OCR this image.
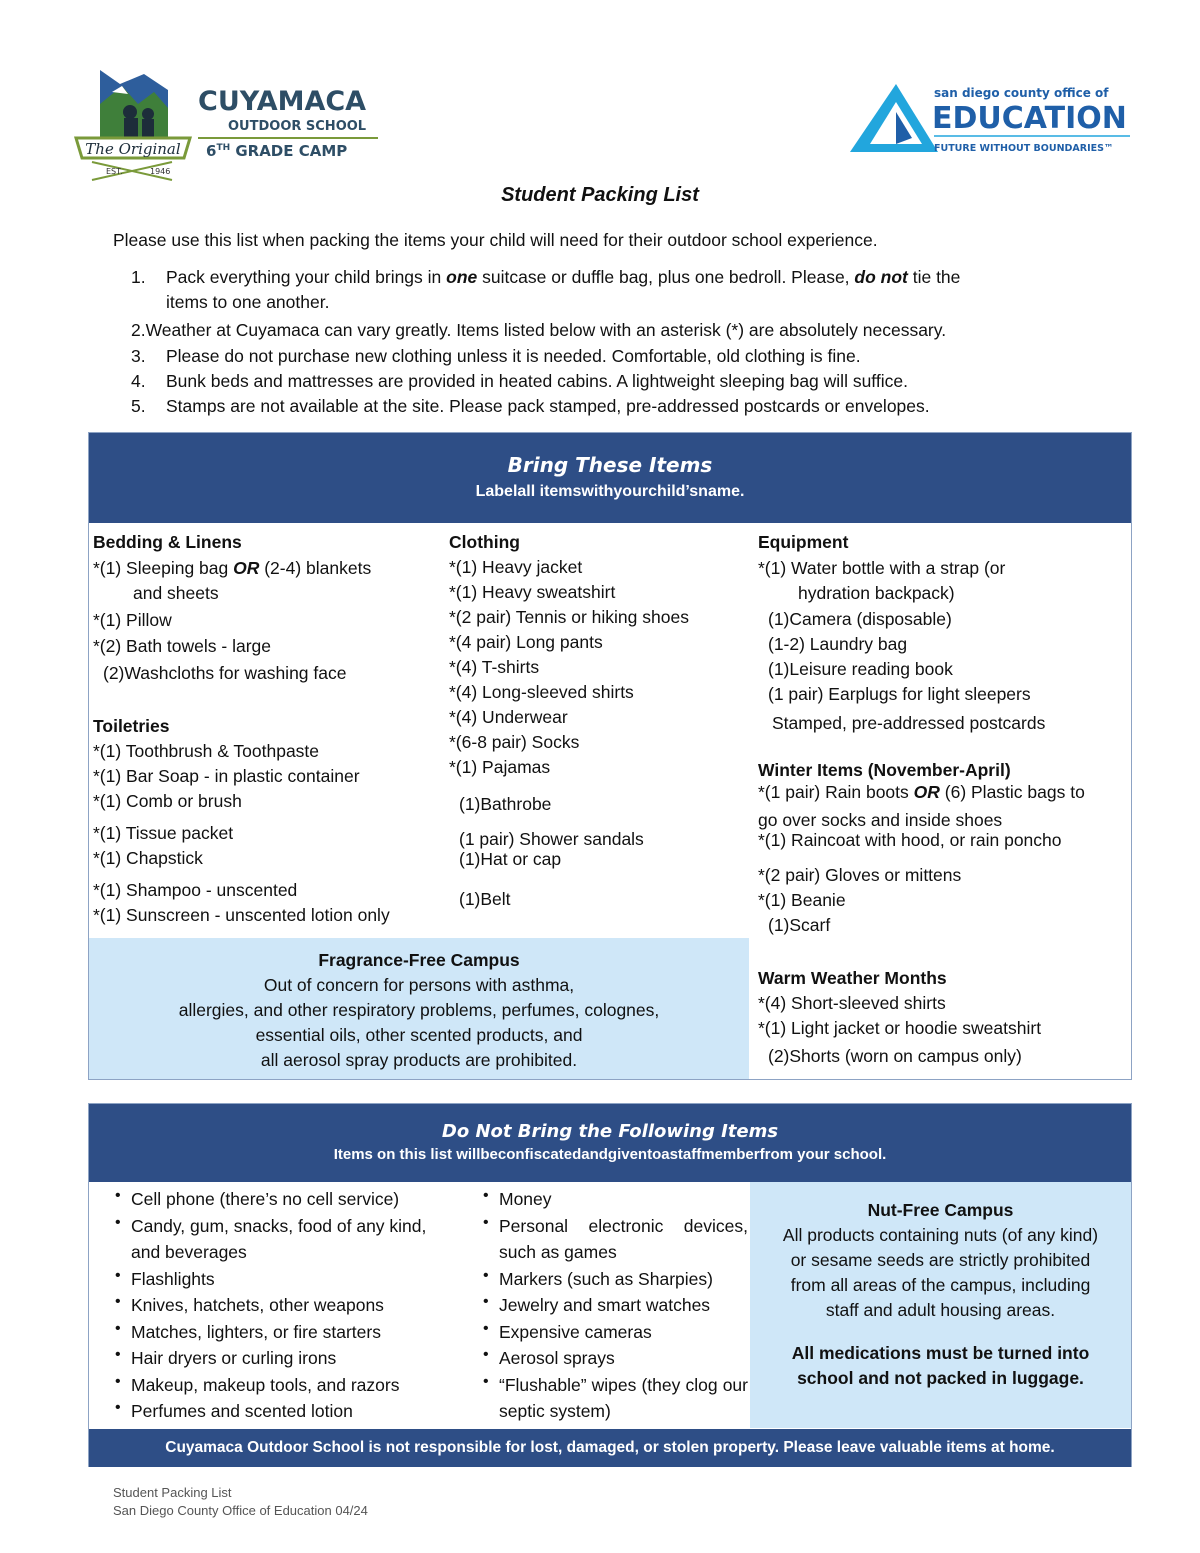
The Original
EST.	1946
CUYAMACA
OUTDOOR SCHOOL
6TH GRADE CAMP
san diego county office of
EDUCATION
FUTURE WITHOUT BOUNDARIES™
Student Packing List
Please use this list when packing the items your child will need for their outdoor school experience.
1. Pack everything your child brings in one suitcase or duffle bag, plus one bedroll. Please, do not tie the
items to one another.
2.Weather at Cuyamaca can vary greatly. Items listed below with an asterisk (*) are absolutely necessary.
3. Please do not purchase new clothing unless it is needed. Comfortable, old clothing is fine.
4. Bunk beds and mattresses are provided in heated cabins. A lightweight sleeping bag will suffice.
5. Stamps are not available at the site. Please pack stamped, pre-addressed postcards or envelopes.
Bring These Items
Labelall itemswithyourchild’sname.

Bedding & Linens

*(1) Sleeping bag OR (2-4) blankets

and sheets

*(1) Pillow

*(2) Bath towels - large

(2)Washcloths for washing face

Toiletries

*(1) Toothbrush & Toothpaste

*(1) Bar Soap - in plastic container

*(1) Comb or brush

*(1) Tissue packet

*(1) Chapstick

*(1) Shampoo - unscented

*(1) Sunscreen - unscented lotion only

Clothing

*(1) Heavy jacket

*(1) Heavy sweatshirt

*(2 pair) Tennis or hiking shoes

*(4 pair) Long pants

*(4) T-shirts

*(4) Long-sleeved shirts

*(4) Underwear

*(6-8 pair) Socks

*(1) Pajamas

(1)Bathrobe

(1 pair) Shower sandals

(1)Hat or cap

(1)Belt

Equipment

*(1) Water bottle with a strap (or

hydration backpack)

(1)Camera (disposable)

(1-2) Laundry bag

(1)Leisure reading book

(1 pair) Earplugs for light sleepers

Stamped, pre-addressed postcards

Winter Items (November-April)

*(1 pair) Rain boots OR (6) Plastic bags to

go over socks and inside shoes

*(1) Raincoat with hood, or rain poncho

*(2 pair) Gloves or mittens

*(1) Beanie

(1)Scarf

Warm Weather Months

*(4) Short-sleeved shirts

*(1) Light jacket or hoodie sweatshirt

(2)Shorts (worn on campus only)

Fragrance-Free Campus
Out of concern for persons with asthma,
allergies, and other respiratory problems, perfumes, colognes,
essential oils, other scented products, and
all aerosol spray products are prohibited.
Do Not Bring the Following Items
Items on this list willbeconfiscatedandgiventoastaffmemberfrom your school.
• Cell phone (there’s no cell service)
• Candy, gum, snacks, food of any kind, and beverages
• Flashlights
• Knives, hatchets, other weapons
• Matches, lighters, or fire starters
• Hair dryers or curling irons
• Makeup, makeup tools, and razors
• Perfumes and scented lotion
• Money
• Personal electronic devices, such as games
• Markers (such as Sharpies)
• Jewelry and smart watches
• Expensive cameras
• Aerosol sprays
• “Flushable” wipes (they clog our septic system)
Nut-Free Campus
All products containing nuts (of any kind)
or sesame seeds are strictly prohibited
from all areas of the campus, including
staff and adult housing areas.
All medications must be turned into
school and not packed in luggage.
Cuyamaca Outdoor School is not responsible for lost, damaged, or stolen property. Please leave valuable items at home.
Student Packing List
San Diego County Office of Education 04/24
